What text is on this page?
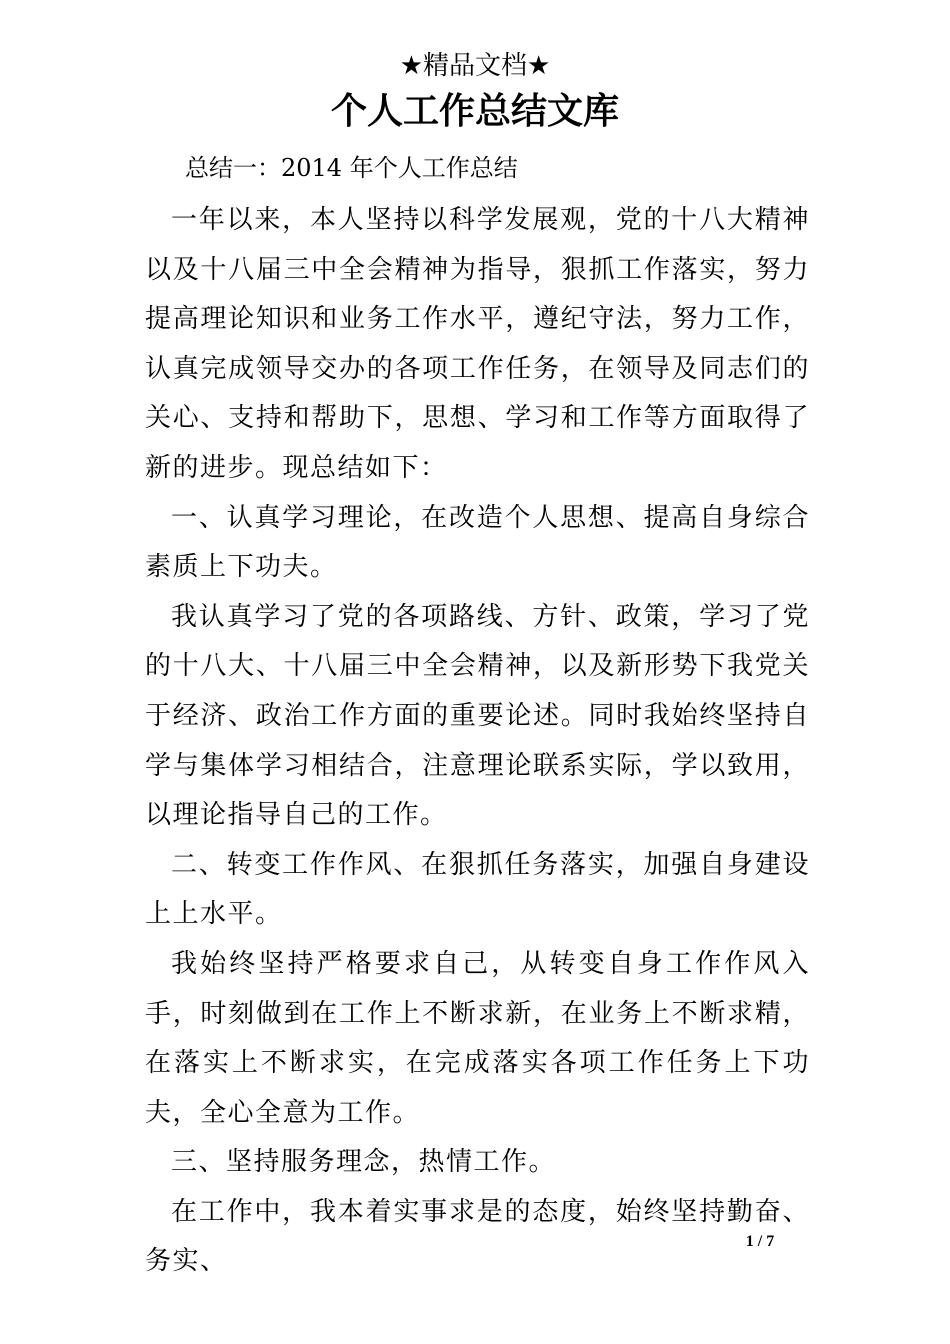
★精品文档★
个人工作总结文库
总结一：2014 年个人工作总结

一年以来，本人坚持以科学发展观，党的十八大精神以及十八届三中全会精神为指导，狠抓工作落实，努力提高理论知识和业务工作水平，遵纪守法，努力工作，认真完成领导交办的各项工作任务，在领导及同志们的关心、支持和帮助下，思想、学习和工作等方面取得了新的进步。现总结如下：

一、认真学习理论，在改造个人思想、提高自身综合素质上下功夫。

我认真学习了党的各项路线、方针、政策，学习了党的十八大、十八届三中全会精神，以及新形势下我党关于经济、政治工作方面的重要论述。同时我始终坚持自学与集体学习相结合，注意理论联系实际，学以致用，以理论指导自己的工作。

二、转变工作作风、在狠抓任务落实，加强自身建设上上水平。

我始终坚持严格要求自己，从转变自身工作作风入手，时刻做到在工作上不断求新，在业务上不断求精，在落实上不断求实，在完成落实各项工作任务上下功夫，全心全意为工作。

三、坚持服务理念，热情工作。

在工作中，我本着实事求是的态度，始终坚持勤奋、务实、

1 / 7
